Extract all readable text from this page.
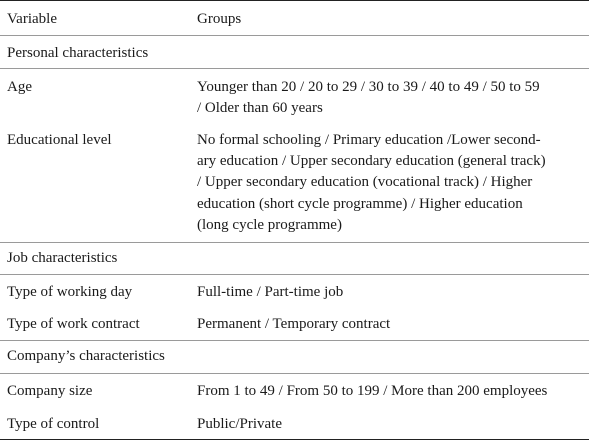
Variable	Groups
Personal characteristics
Age	Younger than 20 / 20 to 29 / 30 to 39 / 40 to 49 / 50 to 59
/ Older than 60 years
Educational level	No formal schooling / Primary education /Lower second-
ary education / Upper secondary education (general track)
/ Upper secondary education (vocational track) / Higher
education (short cycle programme) / Higher education
(long cycle programme)
Job characteristics
Type of working day	Full-time / Part-time job
Type of work contract	Permanent / Temporary contract
Company’s characteristics
Company size	From 1 to 49 / From 50 to 199 / More than 200 employees
Type of control	Public/Private
